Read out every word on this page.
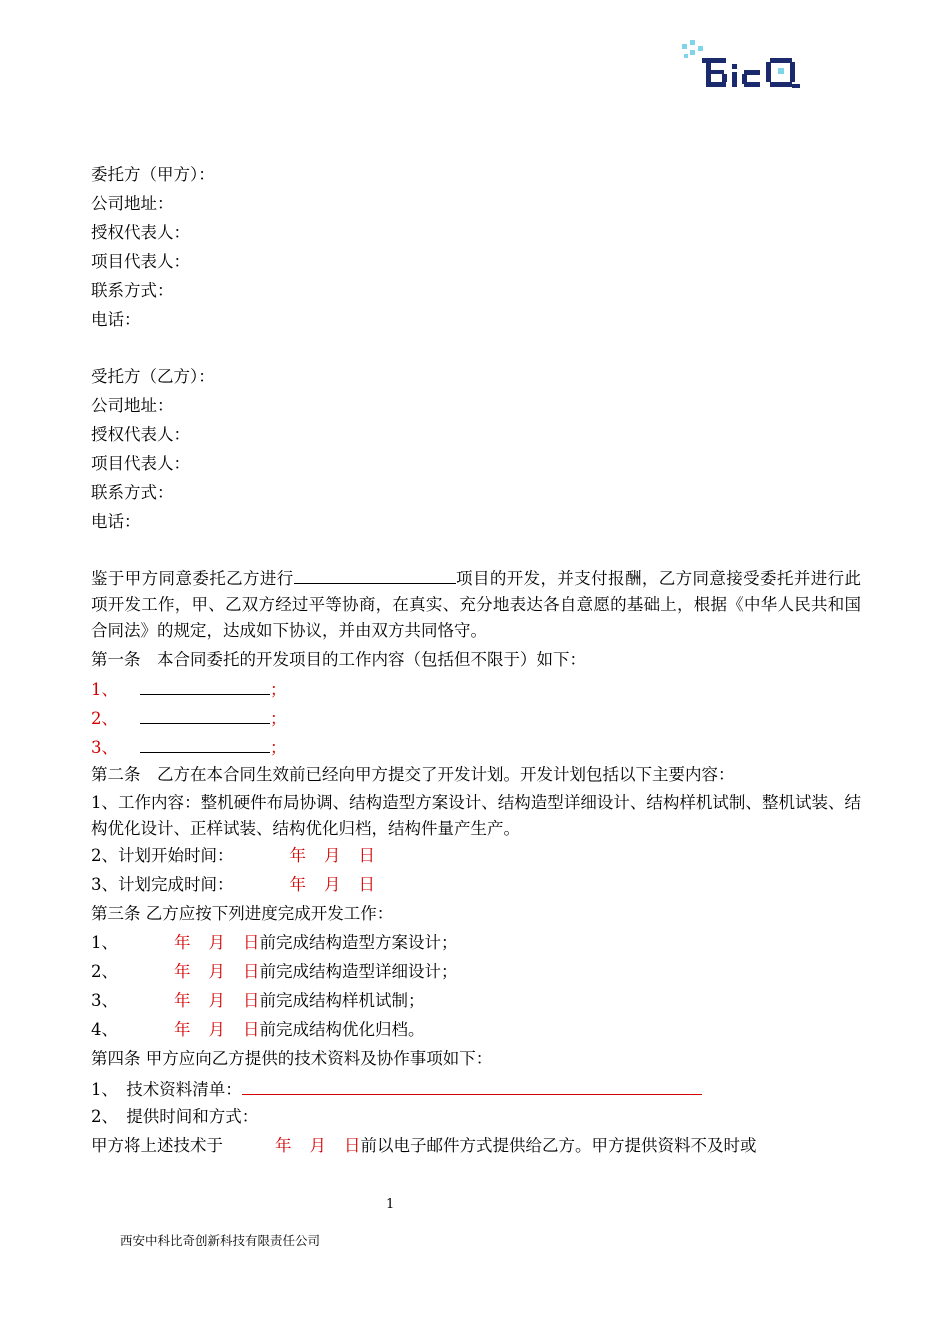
委托方（甲方）：
公司地址：
授权代表人：
项目代表人：
联系方式：
电话：
受托方（乙方）：
公司地址：
授权代表人：
项目代表人：
联系方式：
电话：
鉴于甲方同意委托乙方进行	项目的开发，并支付报酬，乙方同意接受委托并进行此项开发工作，甲、乙双方经过平等协商，在真实、充分地表达各自意愿的基础上，根据《中华人民共和国合同法》的规定，达成如下协议，并由双方共同恪守。
第一条　本合同委托的开发项目的工作内容（包括但不限于）如下：
1、	；
2、	；
3、	；
第二条　乙方在本合同生效前已经向甲方提交了开发计划。开发计划包括以下主要内容：
1、工作内容：整机硬件布局协调、结构造型方案设计、结构造型详细设计、结构样机试制、整机试装、结构优化设计、正样试装、结构优化归档，结构件量产生产。
2、计划开始时间：	年 月 日
3、计划完成时间：	年 月 日
第三条 乙方应按下列进度完成开发工作：
1、	年 月 日前完成结构造型方案设计；
2、	年 月 日前完成结构造型详细设计；
3、	年 月 日前完成结构样机试制；
4、	年 月 日前完成结构优化归档。
第四条 甲方应向乙方提供的技术资料及协作事项如下：
1、　技术资料清单：
2、　提供时间和方式：
甲方将上述技术于	年 月 日前以电子邮件方式提供给乙方。甲方提供资料不及时或
1
西安中科比奇创新科技有限责任公司
